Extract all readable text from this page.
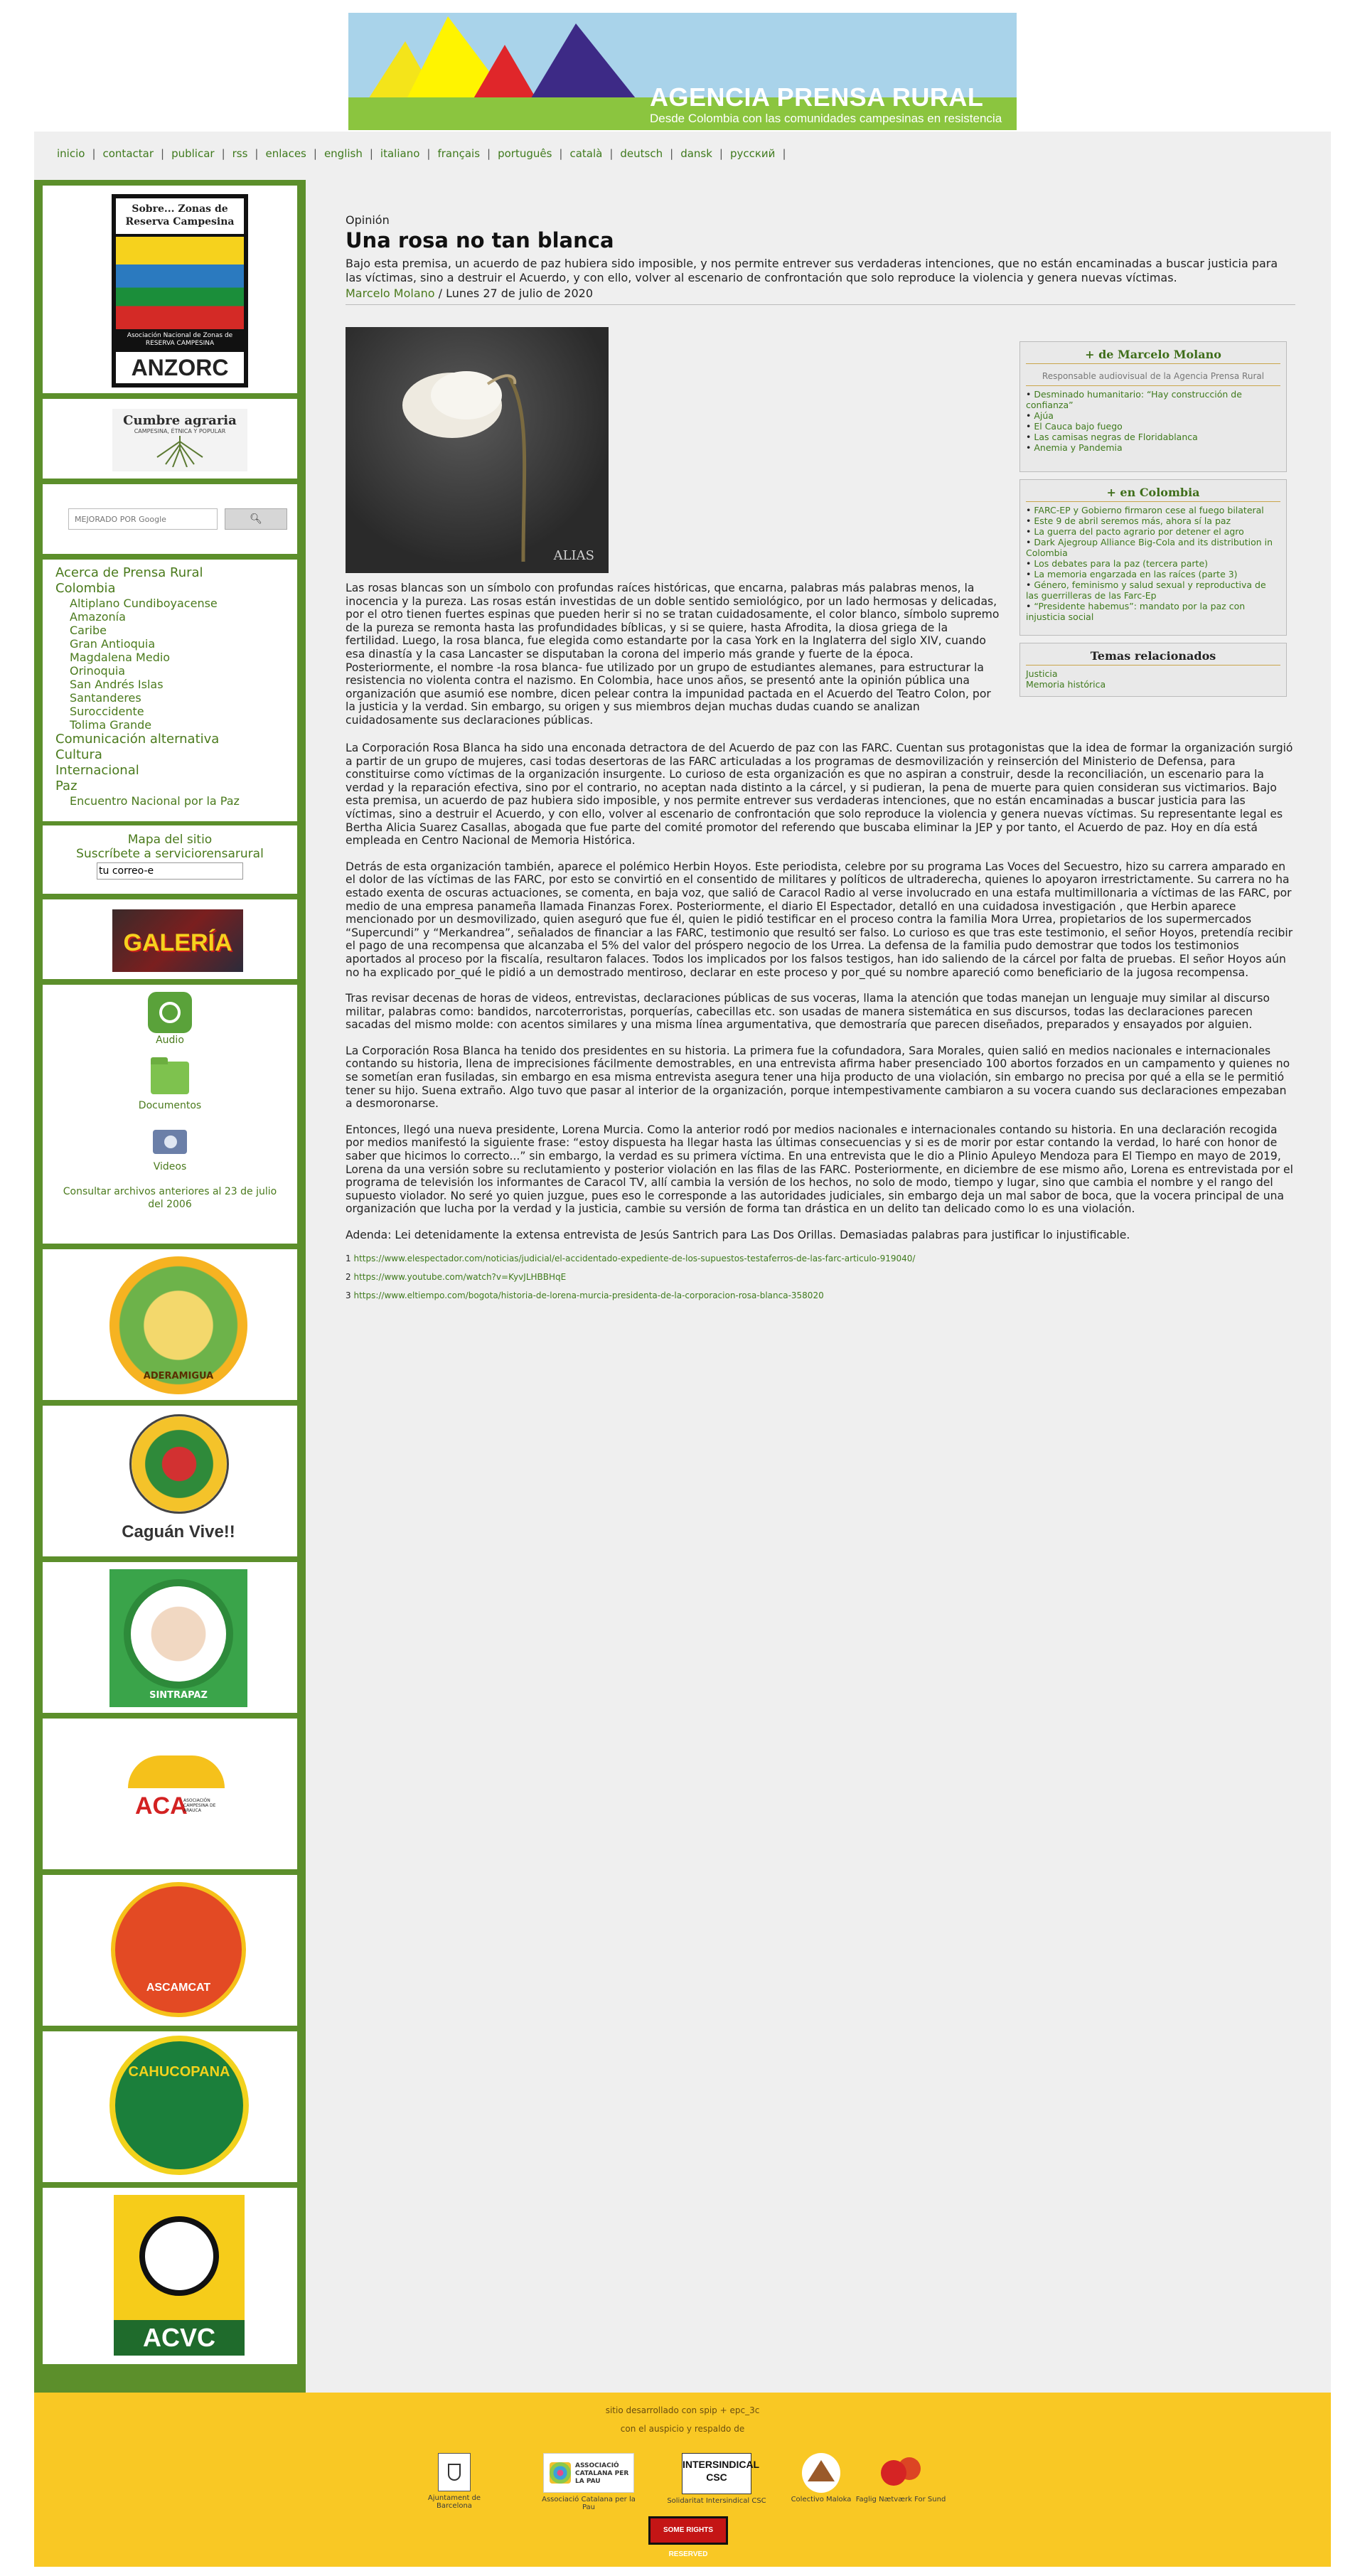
AGENCIA PRENSA RURAL
Desde Colombia con las comunidades campesinas en resistencia
inicio | contactar | publicar | rss | enlaces | english | italiano | français | português | català | deutsch | dansk | русский |
Sobre... Zonas de Reserva Campesina
Asociación Nacional de Zonas de RESERVA CAMPESINA
ANZORC
Cumbre agraria
CAMPESINA, ÉTNICA Y POPULAR
MEJORADO POR Google
🔍︎
Acerca de Prensa Rural
Colombia
Altiplano Cundiboyacense
Amazonía
Caribe
Gran Antioquia
Magdalena Medio
Orinoquia
San Andrés Islas
Santanderes
Suroccidente
Tolima Grande
Comunicación alternativa
Cultura
Internacional
Paz
Encuentro Nacional por la Paz
Mapa del sitio
Suscríbete a serviciorensarural
tu correo-e
GALERÍA
Audio
Documentos
Videos
Consultar archivos anteriores al 23 de julio del 2006
ADERAMIGUA
Caguán Vive!!
SINTRAPAZ
ACA
ASOCIACIÓN CAMPESINA DE ARAUCA
ASCAMCAT
CAHUCOPANA
ACVC
Opinión
Una rosa no tan blanca
Bajo esta premisa, un acuerdo de paz hubiera sido imposible, y nos permite entrever sus verdaderas intenciones, que no están encaminadas a buscar justicia para las víctimas, sino a destruir el Acuerdo, y con ello, volver al escenario de confrontación que solo reproduce la violencia y genera nuevas víctimas.
Marcelo Molano / Lunes 27 de julio de 2020
ALIAS
+ de Marcelo Molano
Responsable audiovisual de la Agencia Prensa Rural
• Desminado humanitario: “Hay construcción de confianza”
• Ajúa
• El Cauca bajo fuego
• Las camisas negras de Floridablanca
• Anemia y Pandemia
+ en Colombia
• FARC-EP y Gobierno firmaron cese al fuego bilateral
• Este 9 de abril seremos más, ahora sí la paz
• La guerra del pacto agrario por detener el agro
• Dark Ajegroup Alliance Big-Cola and its distribution in Colombia
• Los debates para la paz (tercera parte)
• La memoria engarzada en las raíces (parte 3)
• Género, feminismo y salud sexual y reproductiva de las guerrilleras de las Farc-Ep
• “Presidente habemus”: mandato por la paz con injusticia social
Temas relacionados
Justicia
Memoria histórica
Las rosas blancas son un símbolo con profundas raíces históricas, que encarna, palabras más palabras menos, la inocencia y la pureza. Las rosas están investidas de un doble sentido semiológico, por un lado hermosas y delicadas, por el otro tienen fuertes espinas que pueden herir si no se tratan cuidadosamente, el color blanco, símbolo supremo de la pureza se remonta hasta las profundidades bíblicas, y si se quiere, hasta Afrodita, la diosa griega de la fertilidad. Luego, la rosa blanca, fue elegida como estandarte por la casa York en la Inglaterra del siglo XIV, cuando esa dinastía y la casa Lancaster se disputaban la corona del imperio más grande y fuerte de la época. Posteriormente, el nombre -la rosa blanca- fue utilizado por un grupo de estudiantes alemanes, para estructurar la resistencia no violenta contra el nazismo. En Colombia, hace unos años, se presentó ante la opinión pública una organización que asumió ese nombre, dicen pelear contra la impunidad pactada en el Acuerdo del Teatro Colon, por la justicia y la verdad. Sin embargo, su origen y sus miembros dejan muchas dudas cuando se analizan cuidadosamente sus declaraciones públicas.
La Corporación Rosa Blanca ha sido una enconada detractora de del Acuerdo de paz con las FARC. Cuentan sus protagonistas que la idea de formar la organización surgió a partir de un grupo de mujeres, casi todas desertoras de las FARC articuladas a los programas de desmovilización y reinserción del Ministerio de Defensa, para constituirse como víctimas de la organización insurgente. Lo curioso de esta organización es que no aspiran a construir, desde la reconciliación, un escenario para la verdad y la reparación efectiva, sino por el contrario, no aceptan nada distinto a la cárcel, y si pudieran, la pena de muerte para quien consideran sus victimarios. Bajo esta premisa, un acuerdo de paz hubiera sido imposible, y nos permite entrever sus verdaderas intenciones, que no están encaminadas a buscar justicia para las víctimas, sino a destruir el Acuerdo, y con ello, volver al escenario de confrontación que solo reproduce la violencia y genera nuevas víctimas. Su representante legal es Bertha Alicia Suarez Casallas, abogada que fue parte del comité promotor del referendo que buscaba eliminar la JEP y por tanto, el Acuerdo de paz. Hoy en día está empleada en Centro Nacional de Memoria Histórica.
Detrás de esta organización también, aparece el polémico Herbin Hoyos. Este periodista, celebre por su programa Las Voces del Secuestro, hizo su carrera amparado en el dolor de las víctimas de las FARC, por esto se convirtió en el consentido de militares y políticos de ultraderecha, quienes lo apoyaron irrestrictamente. Su carrera no ha estado exenta de oscuras actuaciones, se comenta, en baja voz, que salió de Caracol Radio al verse involucrado en una estafa multimillonaria a víctimas de las FARC, por medio de una empresa panameña llamada Finanzas Forex. Posteriormente, el diario El Espectador, detalló en una cuidadosa investigación , que Herbin aparece mencionado por un desmovilizado, quien aseguró que fue él, quien le pidió testificar en el proceso contra la familia Mora Urrea, propietarios de los supermercados “Supercundi” y “Merkandrea”, señalados de financiar a las FARC, testimonio que resultó ser falso. Lo curioso es que tras este testimonio, el señor Hoyos, pretendía recibir el pago de una recompensa que alcanzaba el 5% del valor del próspero negocio de los Urrea. La defensa de la familia pudo demostrar que todos los testimonios aportados al proceso por la fiscalía, resultaron falaces. Todos los implicados por los falsos testigos, han ido saliendo de la cárcel por falta de pruebas. El señor Hoyos aún no ha explicado por_qué le pidió a un demostrado mentiroso, declarar en este proceso y por_qué su nombre apareció como beneficiario de la jugosa recompensa.
Tras revisar decenas de horas de videos, entrevistas, declaraciones públicas de sus voceras, llama la atención que todas manejan un lenguaje muy similar al discurso militar, palabras como: bandidos, narcoterroristas, porquerías, cabecillas etc. son usadas de manera sistemática en sus discursos, todas las declaraciones parecen sacadas del mismo molde: con acentos similares y una misma línea argumentativa, que demostraría que parecen diseñados, preparados y ensayados por alguien.
La Corporación Rosa Blanca ha tenido dos presidentes en su historia. La primera fue la cofundadora, Sara Morales, quien salió en medios nacionales e internacionales contando su historia, llena de imprecisiones fácilmente demostrables, en una entrevista afirma haber presenciado 100 abortos forzados en un campamento y quienes no se sometían eran fusiladas, sin embargo en esa misma entrevista asegura tener una hija producto de una violación, sin embargo no precisa por qué a ella se le permitió tener su hijo. Suena extraño. Algo tuvo que pasar al interior de la organización, porque intempestivamente cambiaron a su vocera cuando sus declaraciones empezaban a desmoronarse.
Entonces, llegó una nueva presidente, Lorena Murcia. Como la anterior rodó por medios nacionales e internacionales contando su historia. En una declaración recogida por medios manifestó la siguiente frase: “estoy dispuesta ha llegar hasta las últimas consecuencias y si es de morir por estar contando la verdad, lo haré con honor de saber que hicimos lo correcto...” sin embargo, la verdad es su primera víctima. En una entrevista que le dio a Plinio Apuleyo Mendoza para El Tiempo en mayo de 2019, Lorena da una versión sobre su reclutamiento y posterior violación en las filas de las FARC. Posteriormente, en diciembre de ese mismo año, Lorena es entrevistada por el programa de televisión los informantes de Caracol TV, allí cambia la versión de los hechos, no solo de modo, tiempo y lugar, sino que cambia el nombre y el rango del supuesto violador. No seré yo quien juzgue, pues eso le corresponde a las autoridades judiciales, sin embargo deja un mal sabor de boca, que la vocera principal de una organización que lucha por la verdad y la justicia, cambie su versión de forma tan drástica en un delito tan delicado como lo es una violación.
Adenda: Lei detenidamente la extensa entrevista de Jesús Santrich para Las Dos Orillas. Demasiadas palabras para justificar lo injustificable.
1 https://www.elespectador.com/noticias/judicial/el-accidentado-expediente-de-los-supuestos-testaferros-de-las-farc-articulo-919040/
2 https://www.youtube.com/watch?v=KyvJLHBBHqE
3 https://www.eltiempo.com/bogota/historia-de-lorena-murcia-presidenta-de-la-corporacion-rosa-blanca-358020
sitio desarrollado con spip + epc_3c
con el auspicio y respaldo de
Ajuntament de Barcelona
ASSOCIACIÓ CATALANA PER LA PAU
Associació Catalana per la Pau
INTERSINDICAL CSC
Solidaritat Intersindical CSC	Colectivo Maloka Faglig Nætværk For Sund
SOME RIGHTS RESERVED
